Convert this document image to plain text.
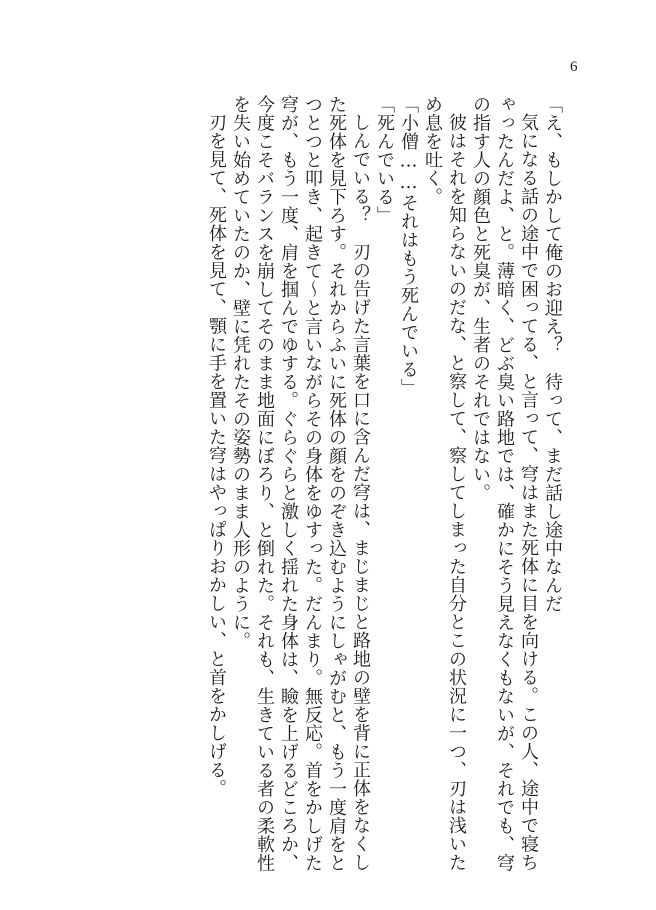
6

「え、もしかして俺のお迎え？　待って、まだ話し途中なんだ

気になる話の途中で困ってる、と言って、穹はまた死体に目を向ける。この人、途中で寝ちゃったんだよ、と。薄暗く、どぶ臭い路地では、確かにそう見えなくもないが、それでも、穹の指す人の顔色と死臭が、生者のそれではない。

彼はそれを知らないのだな、と察して、察してしまった自分とこの状況に一つ、刃は浅いため息を吐く。

「小僧……それはもう死んでいる」

「死んでいる」

しんでいる？　刃の告げた言葉を口に含んだ穹は、まじまじと路地の壁を背に正体をなくした死体を見下ろす。それからふいに死体の顔をのぞき込むようにしゃがむと、もう一度肩をとつとつと叩き、起きて〜と言いながらその身体をゆすった。だんまり。無反応。首をかしげた穹が、もう一度、肩を掴んでゆする。ぐらぐらと激しく揺れた身体は、瞼を上げるどころか、今度こそバランスを崩してそのまま地面にぼろり、と倒れた。それも、生きている者の柔軟性を失い始めていたのか、壁に凭れたその姿勢のまま人形のように。

刃を見て、死体を見て、顎に手を置いた穹はやっぱりおかしい、と首をかしげる。
